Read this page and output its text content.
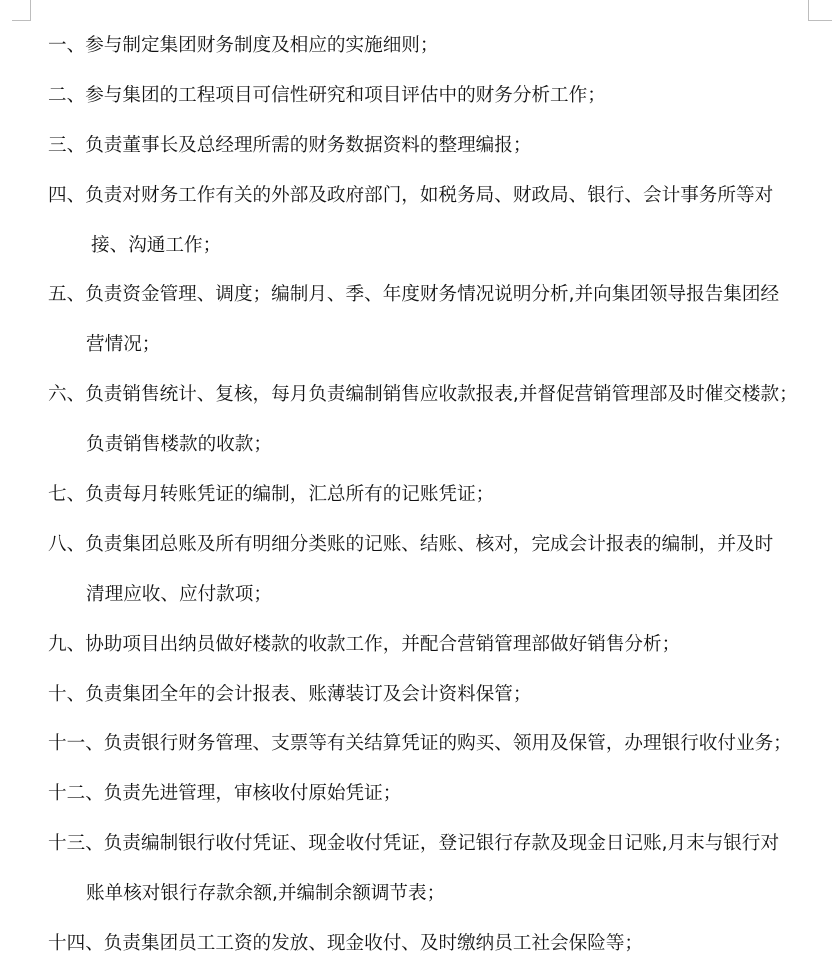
一、参与制定集团财务制度及相应的实施细则；
二、参与集团的工程项目可信性研究和项目评估中的财务分析工作；
三、负责董事长及总经理所需的财务数据资料的整理编报；
四、负责对财务工作有关的外部及政府部门，如税务局、财政局、银行、会计事务所等对
接、沟通工作；
五、负责资金管理、调度；编制月、季、年度财务情况说明分析,并向集团领导报告集团经
营情况；
六、负责销售统计、复核，每月负责编制销售应收款报表,并督促营销管理部及时催交楼款；
负责销售楼款的收款；
七、负责每月转账凭证的编制，汇总所有的记账凭证；
八、负责集团总账及所有明细分类账的记账、结账、核对，完成会计报表的编制，并及时
清理应收、应付款项；
九、协助项目出纳员做好楼款的收款工作，并配合营销管理部做好销售分析；
十、负责集团全年的会计报表、账薄装订及会计资料保管；
十一、负责银行财务管理、支票等有关结算凭证的购买、领用及保管，办理银行收付业务；
十二、负责先进管理，审核收付原始凭证；
十三、负责编制银行收付凭证、现金收付凭证，登记银行存款及现金日记账,月末与银行对
账单核对银行存款余额,并编制余额调节表；
十四、负责集团员工工资的发放、现金收付、及时缴纳员工社会保险等；
